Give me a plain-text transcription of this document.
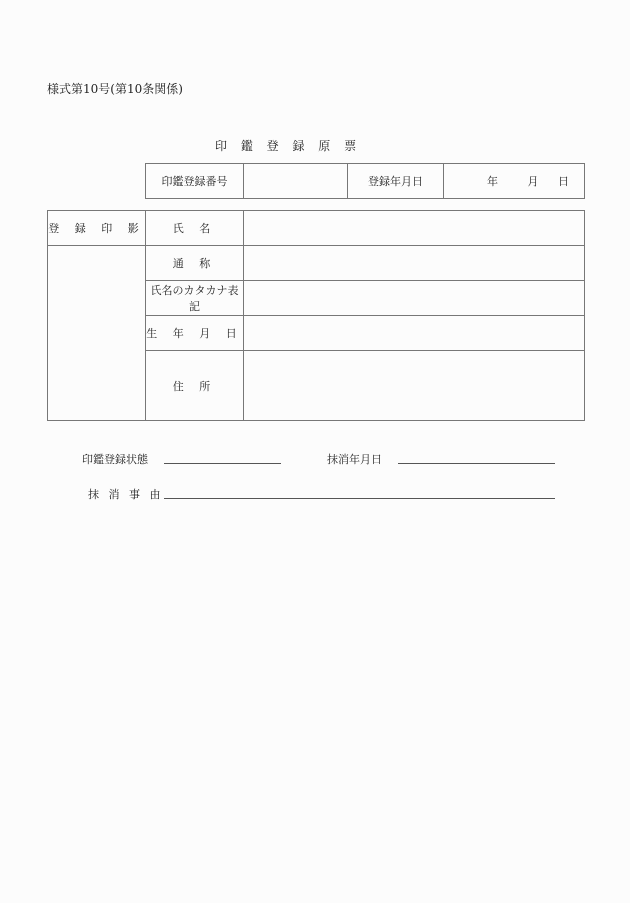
様式第10号(第10条関係)
印 鑑 登 録 原 票
印鑑登録番号		登録年月日	年	月 日
登 録 印 影	氏 名	
	通 称	
	氏名のカタカナ表記	
	生 年 月 日	
	住 所	
印鑑登録状態	抹消年月日
抹 消 事 由
